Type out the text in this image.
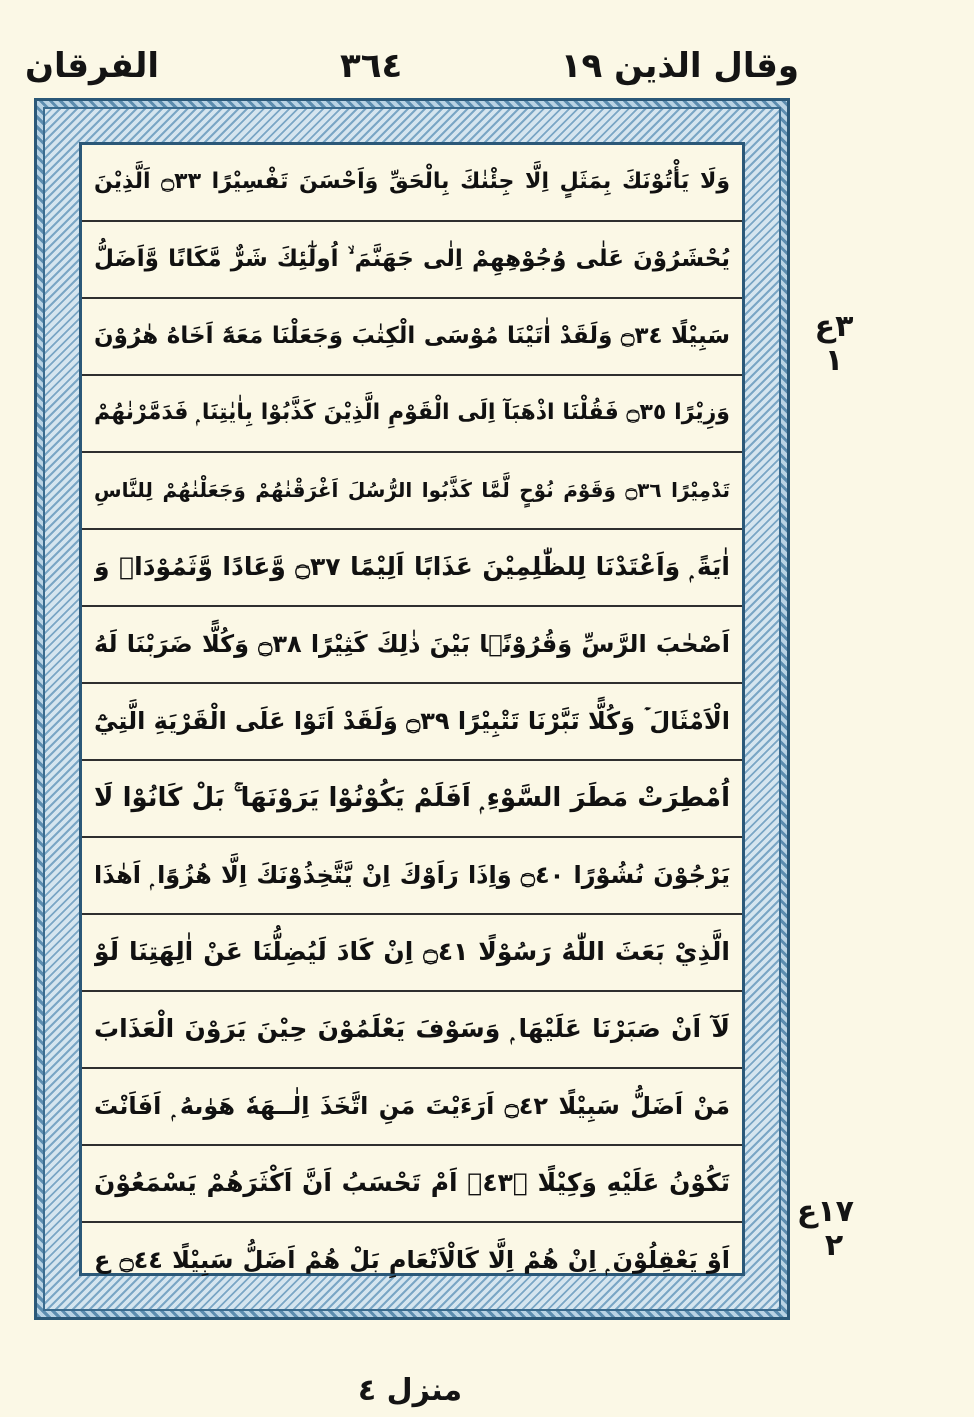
وقال الذين ١٩
٣٦٤
الفرقان
وَلَا يَأْتُوْنَكَ بِمَثَلٍ اِلَّا جِئْنٰكَ بِالْحَقِّ وَاَحْسَنَ تَفْسِيْرًا ۝٣٣ اَلَّذِيْنَ
يُحْشَرُوْنَ عَلٰى وُجُوْهِهِمْ اِلٰى جَهَنَّمَ ۙ اُولٰٓئِكَ شَرٌّ مَّكَانًا وَّاَضَلُّ
سَبِيْلًا ۝٣٤ وَلَقَدْ اٰتَيْنَا مُوْسَى الْكِتٰبَ وَجَعَلْنَا مَعَهٗٓ اَخَاهُ هٰرُوْنَ
وَزِيْرًا ۝٣٥ فَقُلْنَا اذْهَبَآ اِلَى الْقَوْمِ الَّذِيْنَ كَذَّبُوْا بِاٰيٰتِنَا ۭ فَدَمَّرْنٰهُمْ
تَدْمِيْرًا ۝٣٦ وَقَوْمَ نُوْحٍ لَّمَّا كَذَّبُوا الرُّسُلَ اَغْرَقْنٰهُمْ وَجَعَلْنٰهُمْ لِلنَّاسِ
اٰيَةً ۭ وَاَعْتَدْنَا لِلظّٰلِمِيْنَ عَذَابًا اَلِيْمًا ۝٣٧ وَّعَادًا وَّثَمُوْدَا۟ وَ
اَصْحٰبَ الرَّسِّ وَقُرُوْنًۢا بَيْنَ ذٰلِكَ كَثِيْرًا ۝٣٨ وَكُلًّا ضَرَبْنَا لَهُ
الْاَمْثَالَ ۡ وَكُلًّا تَبَّرْنَا تَتْبِيْرًا ۝٣٩ وَلَقَدْ اَتَوْا عَلَى الْقَرْيَةِ الَّتِيْٓ
اُمْطِرَتْ مَطَرَ السَّوْءِ ۭ اَفَلَمْ يَكُوْنُوْا يَرَوْنَهَا ۚ بَلْ كَانُوْا لَا
يَرْجُوْنَ نُشُوْرًا ۝٤٠ وَاِذَا رَاَوْكَ اِنْ يَّتَّخِذُوْنَكَ اِلَّا هُزُوًا ۭ اَهٰذَا
الَّذِيْ بَعَثَ اللّٰهُ رَسُوْلًا ۝٤١ اِنْ كَادَ لَيُضِلُّنَا عَنْ اٰلِهَتِنَا لَوْ
لَآ اَنْ صَبَرْنَا عَلَيْهَا ۭ وَسَوْفَ يَعْلَمُوْنَ حِيْنَ يَرَوْنَ الْعَذَابَ
مَنْ اَضَلُّ سَبِيْلًا ۝٤٢ اَرَءَيْتَ مَنِ اتَّخَذَ اِلٰــهَهٗ هَوٰىهُ ۭ اَفَاَنْتَ
تَكُوْنُ عَلَيْهِ وَكِيْلًا ۝٤٣ۙ اَمْ تَحْسَبُ اَنَّ اَكْثَرَهُمْ يَسْمَعُوْنَ
اَوْ يَعْقِلُوْنَ ۭ اِنْ هُمْ اِلَّا كَالْاَنْعَامِ بَلْ هُمْ اَضَلُّ سَبِيْلًا ۝٤٤ ع
٣ع ١
١٧ع ٢
منزل ٤
